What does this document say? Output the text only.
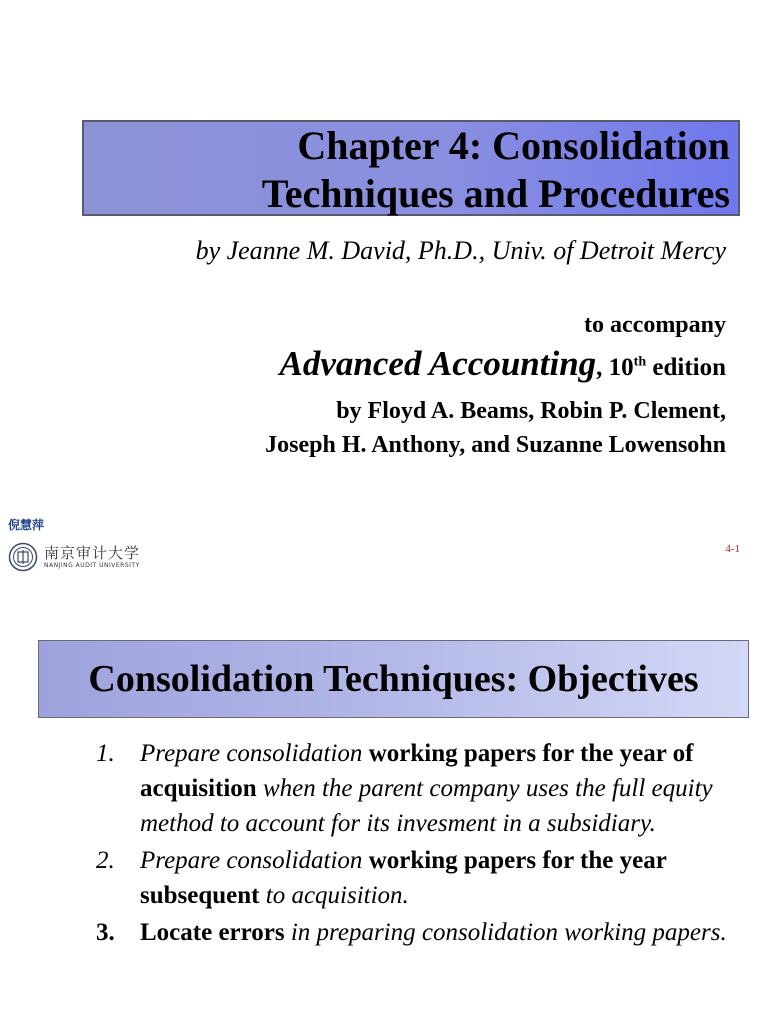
Chapter 4: Consolidation
Techniques and Procedures
by Jeanne M. David, Ph.D., Univ. of Detroit Mercy
to accompany
Advanced Accounting, 10th edition
by Floyd A. Beams, Robin P. Clement,
Joseph H. Anthony, and Suzanne Lowensohn
倪慧萍
南京审计大学
NANJING AUDIT UNIVERSITY
4-1
Consolidation Techniques: Objectives
1. Prepare consolidation working papers for the year of acquisition when the parent company uses the full equity method to account for its invesment in a subsidiary.
2. Prepare consolidation working papers for the year subsequent to acquisition.
3. Locate errors in preparing consolidation working papers.
